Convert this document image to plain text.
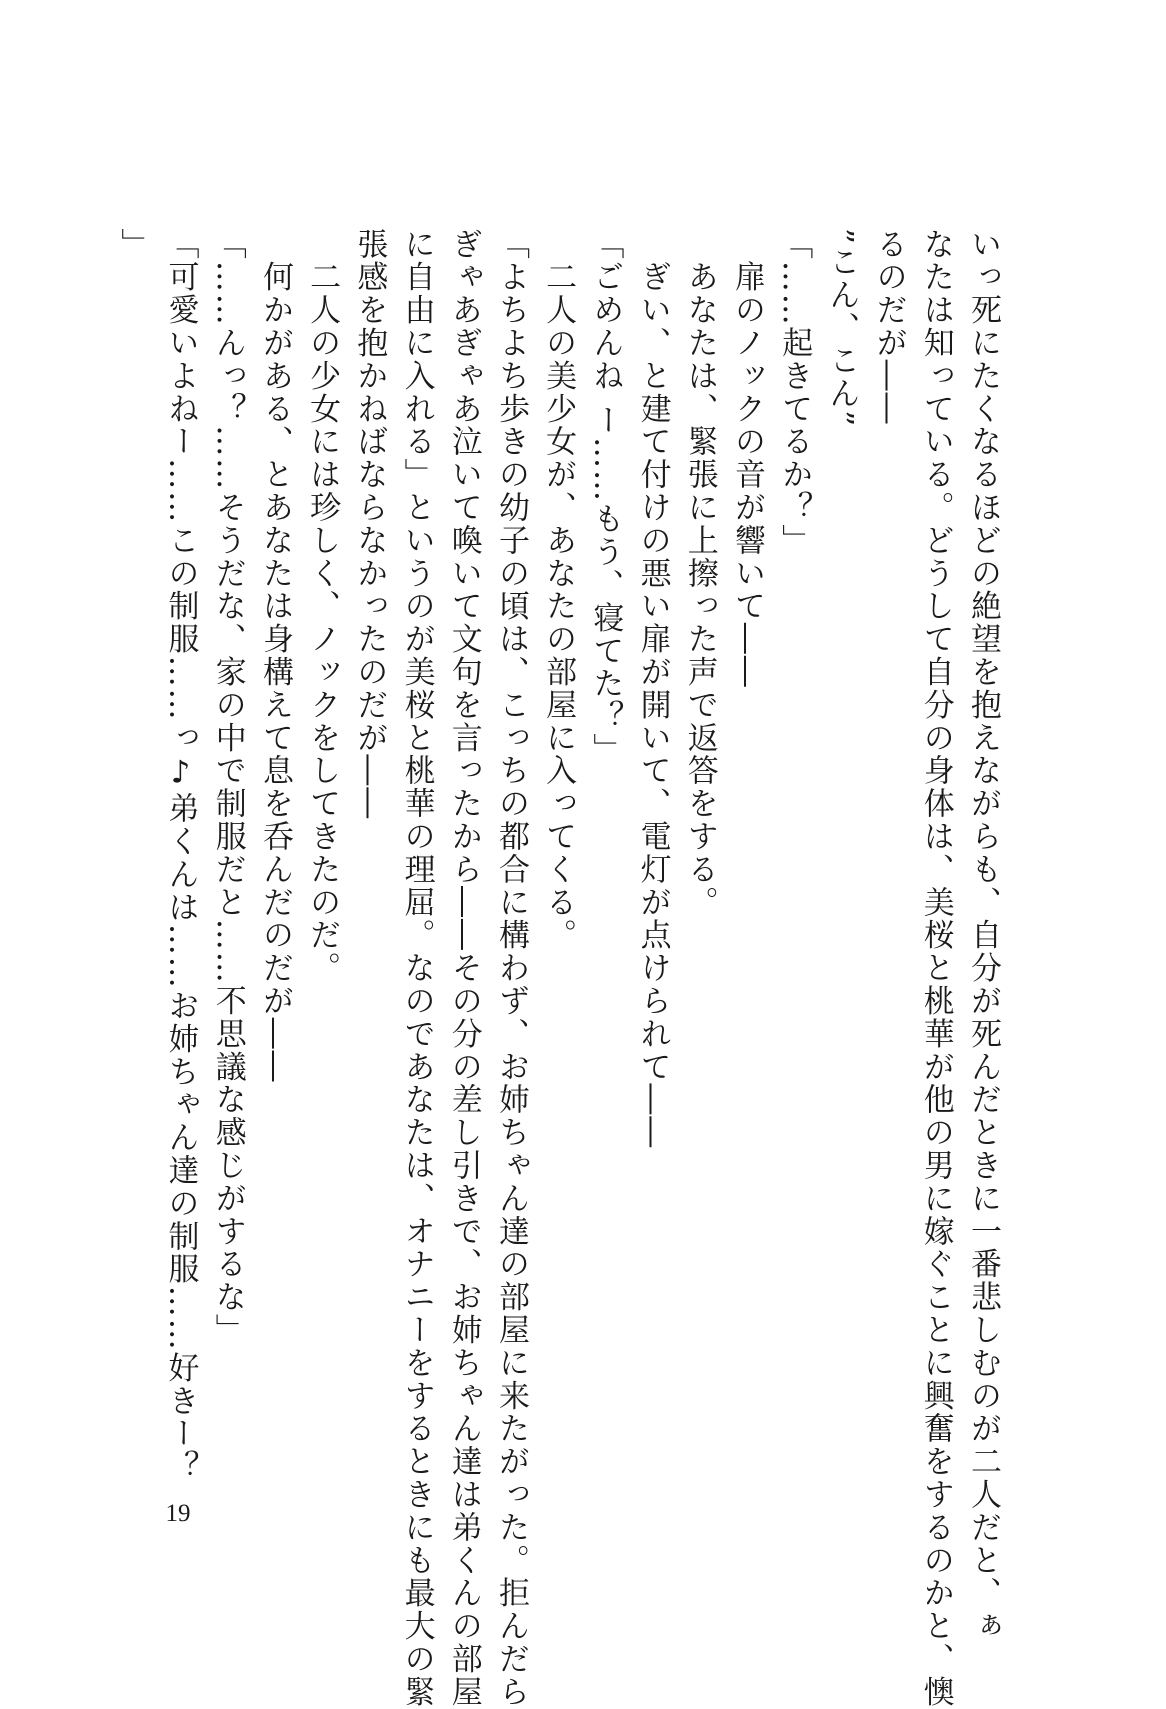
いっ死にたくなるほどの絶望を抱えながらも、自分が死んだときに一番悲しむのが二人だと、ぁ

なたは知っている。どうして自分の身体は、美桜と桃華が他の男に嫁ぐことに興奮をするのかと、懊

るのだが――

”こん、こん”

「……起きてるか？」

　扉のノックの音が響いて――

　あなたは、緊張に上擦った声で返答をする。

　ぎい、と建て付けの悪い扉が開いて、電灯が点けられて――

「ごめんね ー……もう、寝てた？」

　二人の美少女が、あなたの部屋に入ってくる。

「よちよち歩きの幼子の頃は、こっちの都合に構わず、お姉ちゃん達の部屋に来たがった。拒んだら

ぎゃあぎゃあ泣いて喚いて文句を言ったから――その分の差し引きで、お姉ちゃん達は弟くんの部屋

に自由に入れる」というのが美桜と桃華の理屈。なのであなたは、オナニーをするときにも最大の緊

張感を抱かねばならなかったのだが――

　二人の少女には珍しく、ノックをしてきたのだ。

　何かがある、とあなたは身構えて息を呑んだのだが――

「……んっ？……そうだな、家の中で制服だと……不思議な感じがするな」

「可愛いよねー……この制服……っ♪弟くんは……お姉ちゃん達の制服……好きー？

」

19
